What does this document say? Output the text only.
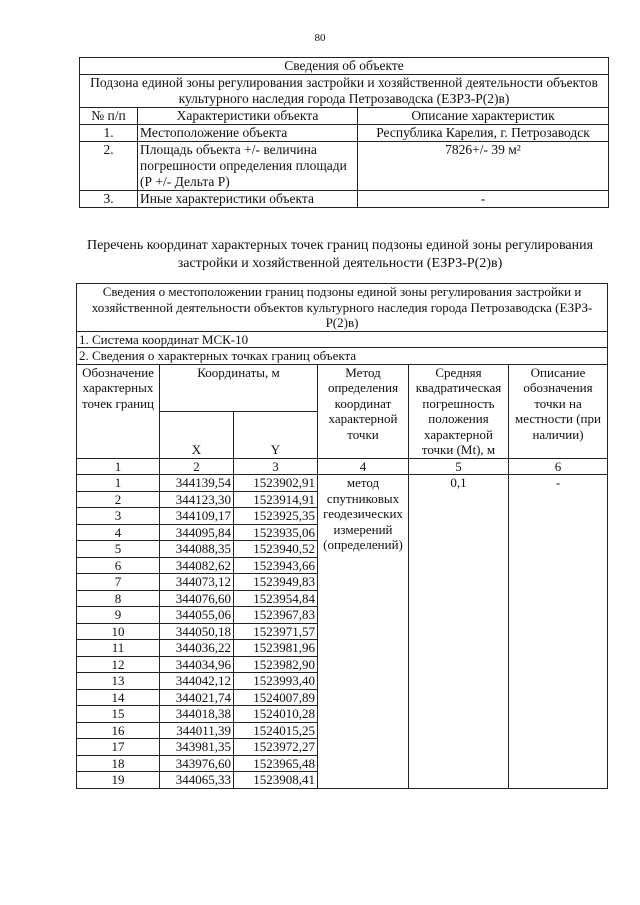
80
Сведения об объекте		
Подзона единой зоны регулирования застройки и хозяйственной деятельности объектов культурного наследия города Петрозаводска (ЕЗРЗ-Р(2)в)		
№ п/п	Характеристики объекта	Описание характеристик
1.	Местоположение объекта	Республика Карелия, г. Петрозаводск
2.	Площадь объекта +/- величина погрешности определения площади (Р +/- Дельта Р)	7826+/- 39 м²
3.	Иные характеристики объекта	-
Перечень координат характерных точек границ подзоны единой зоны регулирования застройки и хозяйственной деятельности (ЕЗРЗ-Р(2)в)
Сведения о местоположении границ подзоны единой зоны регулирования застройки и хозяйственной деятельности объектов культурного наследия города Петрозаводска (ЕЗРЗ-Р(2)в)					
1. Система координат МСК-10					
2. Сведения о характерных точках границ объекта					
Обозначение характерных точек границ	Координаты, м		Метод определения координат характерной точки	Средняя квадратическая погрешность положения характерной точки (Mt), м	Описание обозначения точки на местности (при наличии)
	X	Y			
1	2	3	4	5	6
1	344139,54	1523902,91	метод спутниковых геодезических измерений (определений)	0,1	-
2	344123,30	1523914,91			
3	344109,17	1523925,35			
4	344095,84	1523935,06			
5	344088,35	1523940,52			
6	344082,62	1523943,66			
7	344073,12	1523949,83			
8	344076,60	1523954,84			
9	344055,06	1523967,83			
10	344050,18	1523971,57			
11	344036,22	1523981,96			
12	344034,96	1523982,90			
13	344042,12	1523993,40			
14	344021,74	1524007,89			
15	344018,38	1524010,28			
16	344011,39	1524015,25			
17	343981,35	1523972,27			
18	343976,60	1523965,48			
19	344065,33	1523908,41			
